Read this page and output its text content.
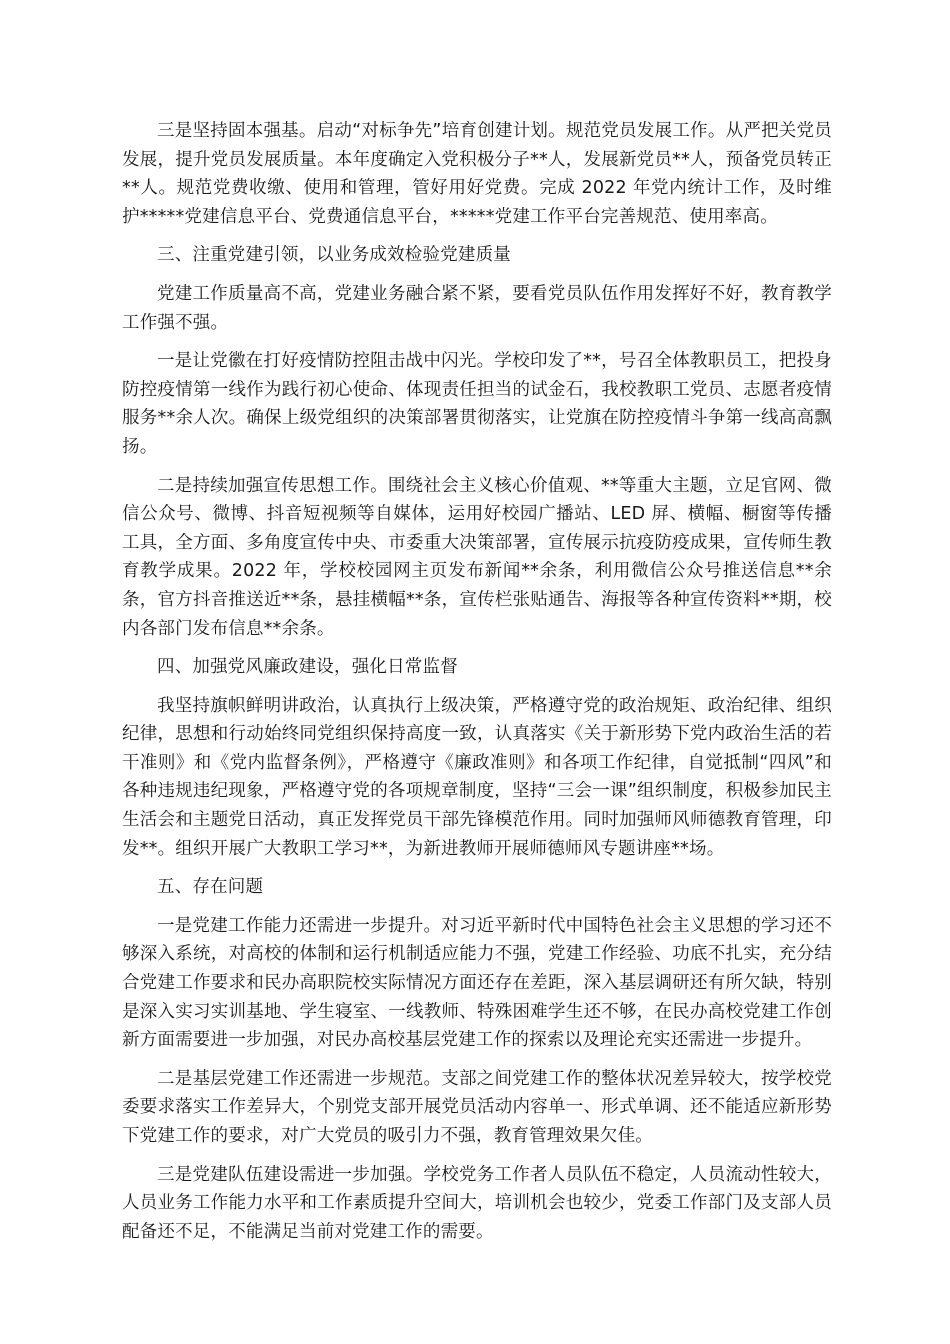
三是坚持固本强基。启动“对标争先”培育创建计划。规范党员发展工作。从严把关党员发展，提升党员发展质量。本年度确定入党积极分子**人，发展新党员**人，预备党员转正**人。规范党费收缴、使用和管理，管好用好党费。完成 2022 年党内统计工作，及时维护*****党建信息平台、党费通信息平台，*****党建工作平台完善规范、使用率高。

三、注重党建引领，以业务成效检验党建质量

党建工作质量高不高，党建业务融合紧不紧，要看党员队伍作用发挥好不好，教育教学工作强不强。

一是让党徽在打好疫情防控阻击战中闪光。学校印发了**，号召全体教职员工，把投身防控疫情第一线作为践行初心使命、体现责任担当的试金石，我校教职工党员、志愿者疫情服务**余人次。确保上级党组织的决策部署贯彻落实，让党旗在防控疫情斗争第一线高高飘扬。

二是持续加强宣传思想工作。围绕社会主义核心价值观、**等重大主题，立足官网、微信公众号、微博、抖音短视频等自媒体，运用好校园广播站、LED 屏、横幅、橱窗等传播工具，全方面、多角度宣传中央、市委重大决策部署，宣传展示抗疫防疫成果，宣传师生教育教学成果。2022 年，学校校园网主页发布新闻**余条，利用微信公众号推送信息**余条，官方抖音推送近**条，悬挂横幅**条，宣传栏张贴通告、海报等各种宣传资料**期，校内各部门发布信息**余条。

四、加强党风廉政建设，强化日常监督

我坚持旗帜鲜明讲政治，认真执行上级决策，严格遵守党的政治规矩、政治纪律、组织纪律，思想和行动始终同党组织保持高度一致，认真落实《关于新形势下党内政治生活的若干准则》和《党内监督条例》，严格遵守《廉政准则》和各项工作纪律，自觉抵制“四风”和各种违规违纪现象，严格遵守党的各项规章制度，坚持“三会一课”组织制度，积极参加民主生活会和主题党日活动，真正发挥党员干部先锋模范作用。同时加强师风师德教育管理，印发**。组织开展广大教职工学习**，为新进教师开展师德师风专题讲座**场。

五、存在问题

一是党建工作能力还需进一步提升。对习近平新时代中国特色社会主义思想的学习还不够深入系统，对高校的体制和运行机制适应能力不强，党建工作经验、功底不扎实，充分结合党建工作要求和民办高职院校实际情况方面还存在差距，深入基层调研还有所欠缺，特别是深入实习实训基地、学生寝室、一线教师、特殊困难学生还不够，在民办高校党建工作创新方面需要进一步加强，对民办高校基层党建工作的探索以及理论充实还需进一步提升。

二是基层党建工作还需进一步规范。支部之间党建工作的整体状况差异较大，按学校党委要求落实工作差异大，个别党支部开展党员活动内容单一、形式单调、还不能适应新形势下党建工作的要求，对广大党员的吸引力不强，教育管理效果欠佳。

三是党建队伍建设需进一步加强。学校党务工作者人员队伍不稳定，人员流动性较大，人员业务工作能力水平和工作素质提升空间大，培训机会也较少，党委工作部门及支部人员配备还不足，不能满足当前对党建工作的需要。
